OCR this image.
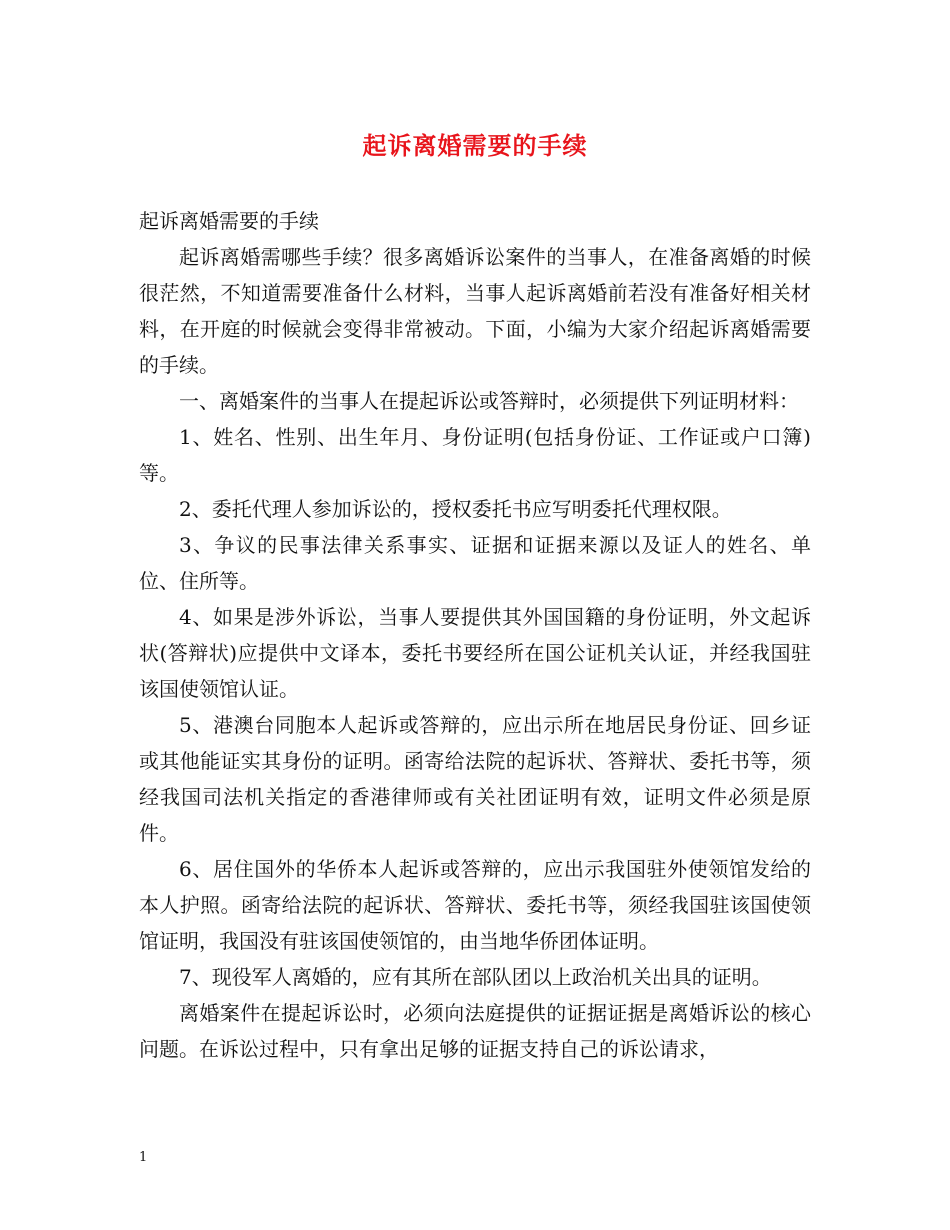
起诉离婚需要的手续

起诉离婚需要的手续

起诉离婚需哪些手续？很多离婚诉讼案件的当事人，在准备离婚的时候很茫然，不知道需要准备什么材料，当事人起诉离婚前若没有准备好相关材料，在开庭的时候就会变得非常被动。下面，小编为大家介绍起诉离婚需要的手续。

一、离婚案件的当事人在提起诉讼或答辩时，必须提供下列证明材料：

1、姓名、性别、出生年月、身份证明(包括身份证、工作证或户口簿)等。

2、委托代理人参加诉讼的，授权委托书应写明委托代理权限。

3、争议的民事法律关系事实、证据和证据来源以及证人的姓名、单位、住所等。

4、如果是涉外诉讼，当事人要提供其外国国籍的身份证明，外文起诉状(答辩状)应提供中文译本，委托书要经所在国公证机关认证，并经我国驻该国使领馆认证。

5、港澳台同胞本人起诉或答辩的，应出示所在地居民身份证、回乡证或其他能证实其身份的证明。函寄给法院的起诉状、答辩状、委托书等，须经我国司法机关指定的香港律师或有关社团证明有效，证明文件必须是原件。

6、居住国外的华侨本人起诉或答辩的，应出示我国驻外使领馆发给的本人护照。函寄给法院的起诉状、答辩状、委托书等，须经我国驻该国使领馆证明，我国没有驻该国使领馆的，由当地华侨团体证明。

7、现役军人离婚的，应有其所在部队团以上政治机关出具的证明。

离婚案件在提起诉讼时，必须向法庭提供的证据证据是离婚诉讼的核心问题。在诉讼过程中，只有拿出足够的证据支持自己的诉讼请求，

1
